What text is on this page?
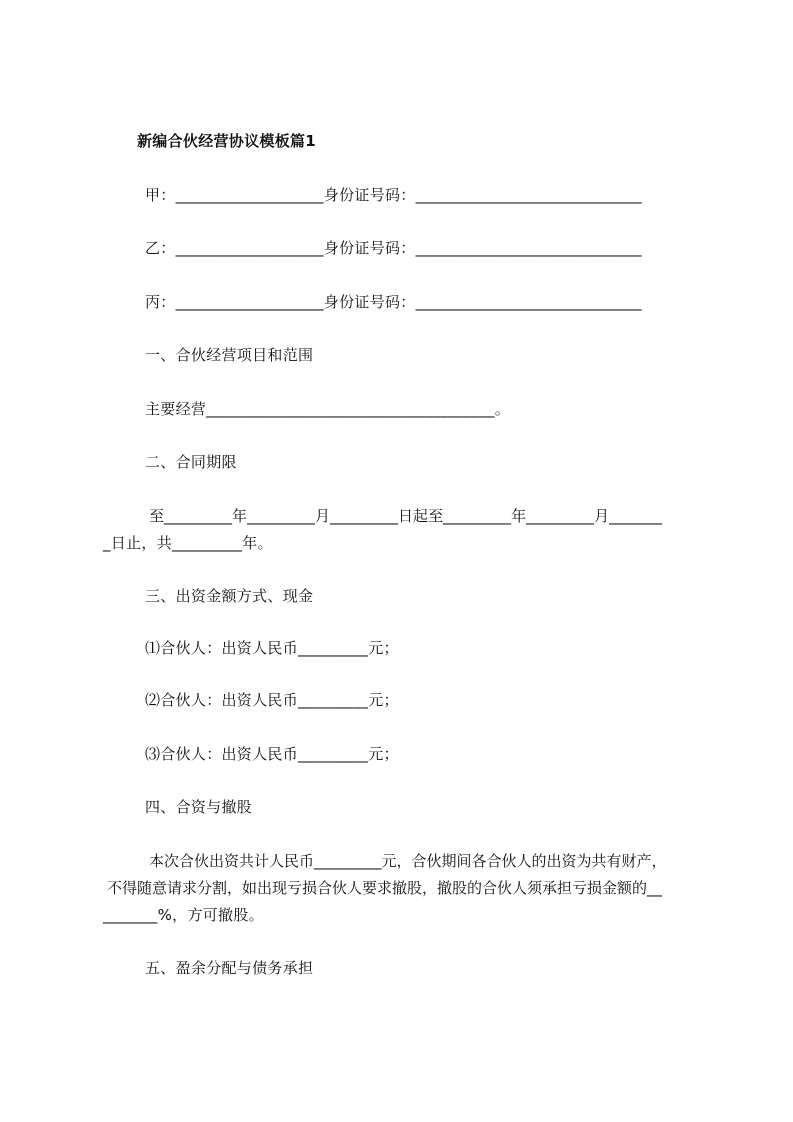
新编合伙经营协议模板篇1
甲：___________________身份证号码：_____________________________
乙：___________________身份证号码：_____________________________
丙：___________________身份证号码：_____________________________
一、合伙经营项目和范围
主要经营_____________________________________。
二、合同期限
至_________年_________月_________日起至_________年_________月_______
_日止，共_________年。
三、出资金额方式、现金
⑴合伙人：出资人民币_________元；
⑵合伙人：出资人民币_________元；
⑶合伙人：出资人民币_________元；
四、合资与撤股
本次合伙出资共计人民币_________元，合伙期间各合伙人的出资为共有财产，
不得随意请求分割，如出现亏损合伙人要求撤股，撤股的合伙人须承担亏损金额的__
_______%，方可撤股。
五、盈余分配与债务承担
